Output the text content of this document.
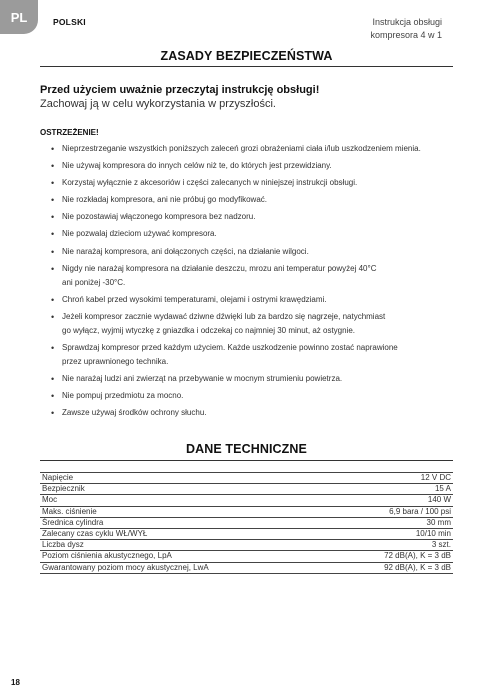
PL	POLSKI	Instrukcja obsługi
kompresora 4 w 1
ZASADY BEZPIECZEŃSTWA
Przed użyciem uważnie przeczytaj instrukcję obsługi!
Zachowaj ją w celu wykorzystania w przyszłości.
OSTRZEŻENIE!
• Nieprzestrzeganie wszystkich poniższych zaleceń grozi obrażeniami ciała i/lub uszkodzeniem mienia.
• Nie używaj kompresora do innych celów niż te, do których jest przewidziany.
• Korzystaj wyłącznie z akcesoriów i części zalecanych w niniejszej instrukcji obsługi.
• Nie rozkładaj kompresora, ani nie próbuj go modyfikować.
• Nie pozostawiaj włączonego kompresora bez nadzoru.
• Nie pozwalaj dzieciom używać kompresora.
• Nie narażaj kompresora, ani dołączonych części, na działanie wilgoci.
• Nigdy nie narażaj kompresora na działanie deszczu, mrozu ani temperatur powyżej 40°C
ani poniżej -30°C.
• Chroń kabel przed wysokimi temperaturami, olejami i ostrymi krawędziami.
• Jeżeli kompresor zacznie wydawać dziwne dźwięki lub za bardzo się nagrzeje, natychmiast
go wyłącz, wyjmij wtyczkę z gniazdka i odczekaj co najmniej 30 minut, aż ostygnie.
• Sprawdzaj kompresor przed każdym użyciem. Każde uszkodzenie powinno zostać naprawione
przez uprawnionego technika.
• Nie narażaj ludzi ani zwierząt na przebywanie w mocnym strumieniu powietrza.
• Nie pompuj przedmiotu za mocno.
• Zawsze używaj środków ochrony słuchu.
DANE TECHNICZNE
Napięcie	12 V DC
Bezpiecznik	15 A
Moc	140 W
Maks. ciśnienie	6,9 bara / 100 psi
Średnica cylindra	30 mm
Zalecany czas cyklu WŁ/WYŁ	10/10 min
Liczba dysz	3 szt.
Poziom ciśnienia akustycznego, LpA	72 dB(A), K = 3 dB
Gwarantowany poziom mocy akustycznej, LwA	92 dB(A), K = 3 dB
18
